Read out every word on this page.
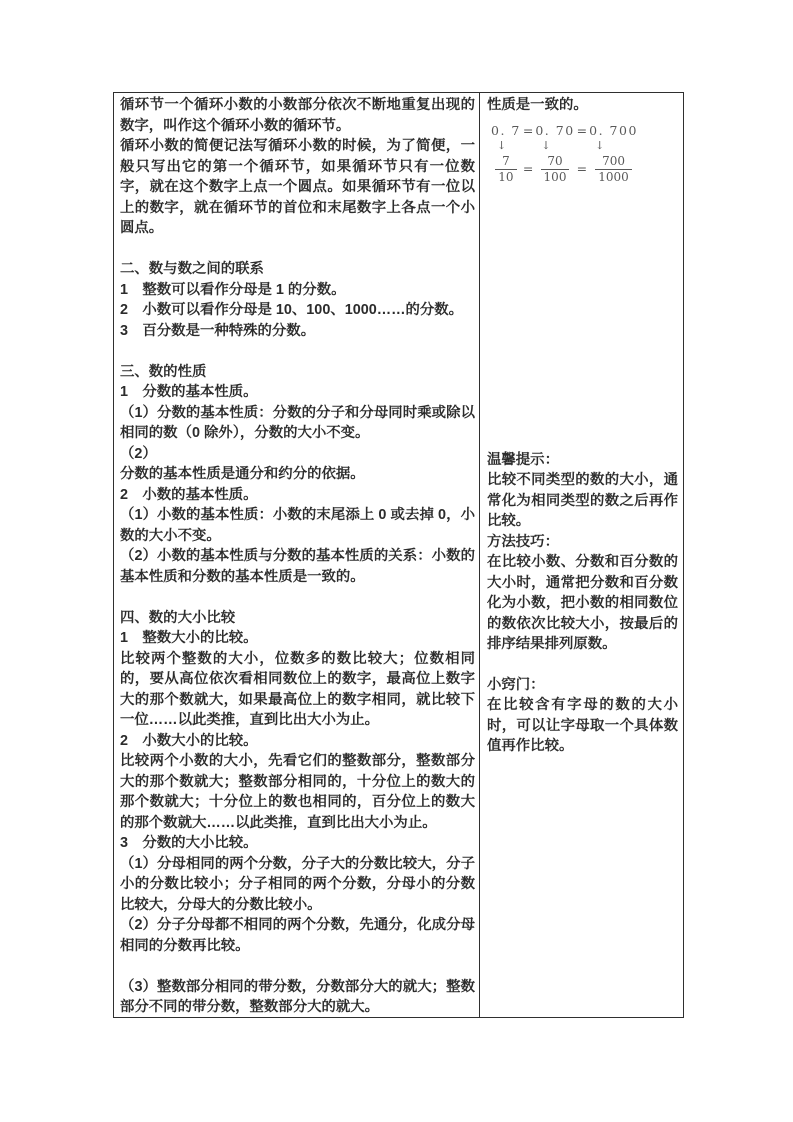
循环节一个循环小数的小数部分依次不断地重复出现的数字，叫作这个循环小数的循环节。

循环小数的简便记法写循环小数的时候，为了简便，一般只写出它的第一个循环节，如果循环节只有一位数字，就在这个数字上点一个圆点。如果循环节有一位以上的数字，就在循环节的首位和末尾数字上各点一个小圆点。

二、数与数之间的联系

1　整数可以看作分母是 1 的分数。

2　小数可以看作分母是 10、100、1000……的分数。

3　百分数是一种特殊的分数。

三、数的性质

1　分数的基本性质。

（1）分数的基本性质：分数的分子和分母同时乘或除以相同的数（0 除外），分数的大小不变。

（2）

分数的基本性质是通分和约分的依据。

2　小数的基本性质。

（1）小数的基本性质：小数的末尾添上 0 或去掉 0，小数的大小不变。

（2）小数的基本性质与分数的基本性质的关系：小数的基本性质和分数的基本性质是一致的。

四、数的大小比较

1　整数大小的比较。

比较两个整数的大小，位数多的数比较大；位数相同的，要从高位依次看相同数位上的数字，最高位上数字大的那个数就大，如果最高位上的数字相同，就比较下一位……以此类推，直到比出大小为止。

2　小数大小的比较。

比较两个小数的大小，先看它们的整数部分，整数部分大的那个数就大；整数部分相同的，十分位上的数大的那个数就大；十分位上的数也相同的，百分位上的数大的那个数就大……以此类推，直到比出大小为止。

3　分数的大小比较。

（1）分母相同的两个分数，分子大的分数比较大，分子小的分数比较小；分子相同的两个分数，分母小的分数比较大，分母大的分数比较小。

（2）分子分母都不相同的两个分数，先通分，化成分母相同的分数再比较。

（3）整数部分相同的带分数，分数部分大的就大；整数部分不同的带分数，整数部分大的就大。

性质是一致的。

0. 7 = 0. 70 = 0. 700
↓	↓	↓
$\frac{7}{10} = \frac{70}{100} = \frac{700}{1000}$

温馨提示：

比较不同类型的数的大小，通常化为相同类型的数之后再作比较。

方法技巧：

在比较小数、分数和百分数的大小时，通常把分数和百分数化为小数，把小数的相同数位的数依次比较大小，按最后的排序结果排列原数。

小窍门：

在比较含有字母的数的大小时，可以让字母取一个具体数值再作比较。
